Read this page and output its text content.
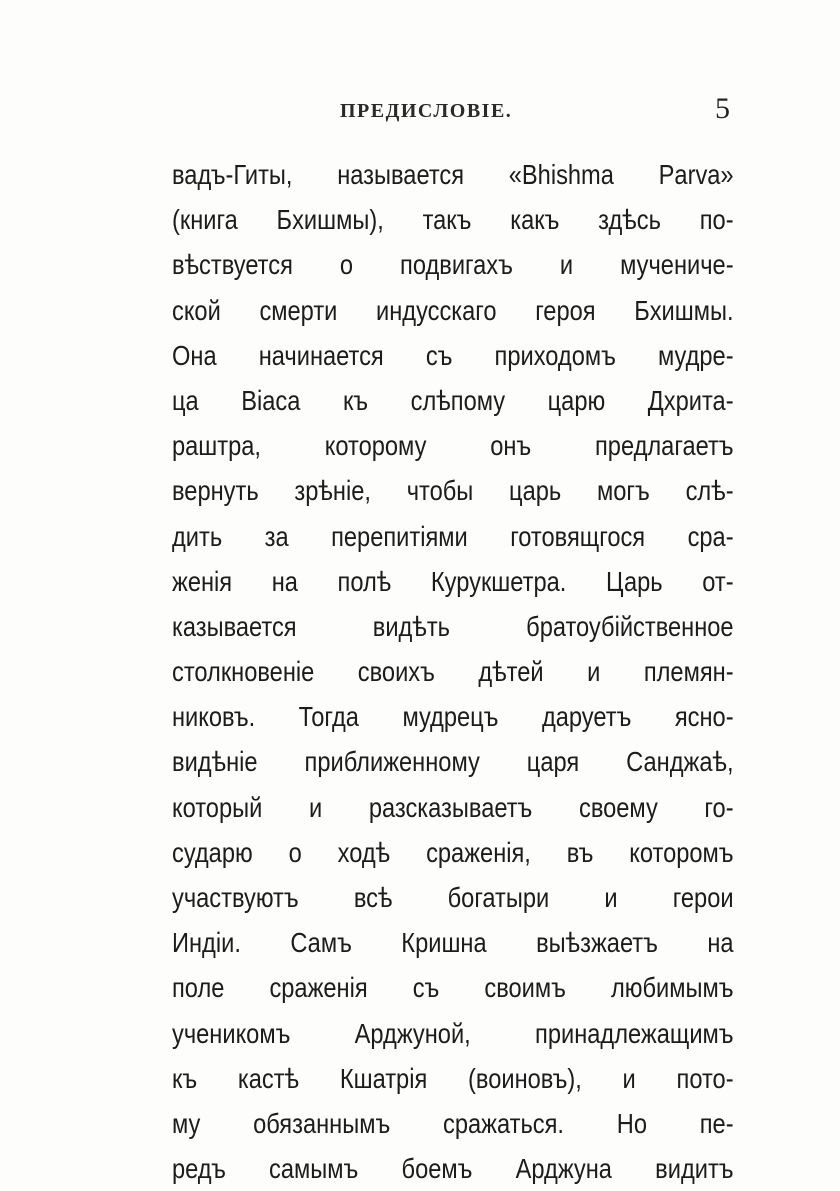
ПРЕДИСЛОВІЕ.	5
вадъ-Гиты, называется «Bhishma Parva»
(книга Бхишмы), такъ какъ здѣсь по-
вѣствуется о подвигахъ и мучениче-
ской смерти индусскаго героя Бхишмы.
Она начинается съ приходомъ мудре-
ца Віаса къ слѣпому царю Дхрита-
раштра, которому онъ предлагаетъ
вернуть зрѣніе, чтобы царь могъ слѣ-
дить за перепитіями готовящгося сра-
женія на полѣ Курукшетра. Царь от-
казывается видѣть братоубійственное
столкновеніе своихъ дѣтей и племян-
никовъ. Тогда мудрецъ даруетъ ясно-
видѣніе приближенному царя Санджаѣ,
который и разсказываетъ своему го-
сударю о ходѣ сраженія, въ которомъ
участвуютъ всѣ богатыри и герои
Индіи. Самъ Кришна выѣзжаетъ на
поле сраженія съ своимъ любимымъ
ученикомъ Арджуной, принадлежащимъ
къ кастѣ Кшатрія (воиновъ), и пото-
му обязаннымъ сражаться. Но пе-
редъ самымъ боемъ Арджуна видитъ
